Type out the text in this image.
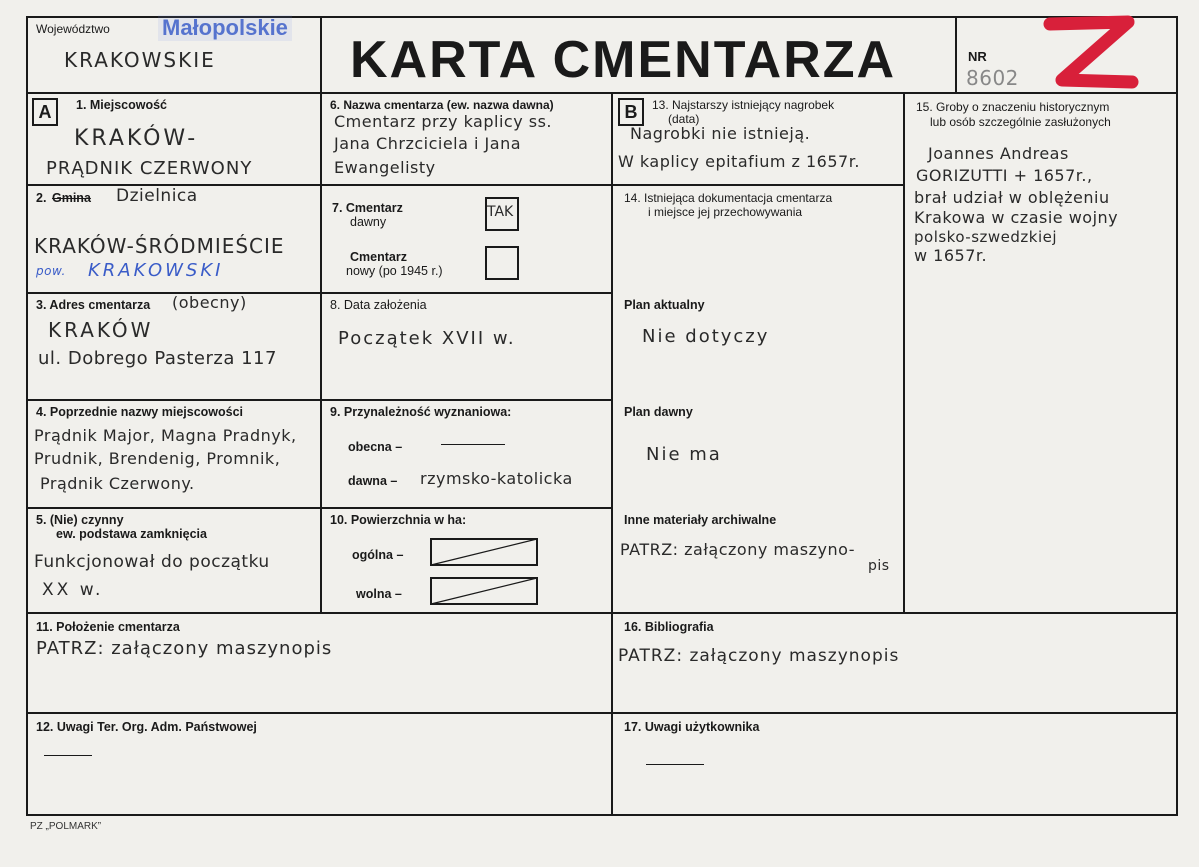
Województwo Małopolskie
KRAKOWSKIE	KARTA CMENTARZA	NR
8602
A	B
1. Miejscowość
KRAKÓW-
PRĄDNIK CZERWONY
2. Gmina Dzielnica
KRAKÓW-ŚRÓDMIEŚCIE
pow. KRAKOWSKI
3. Adres cmentarza (obecny)
KRAKÓW
ul. Dobrego Pasterza 117
4. Poprzednie nazwy miejscowości
Prądnik Major, Magna Pradnyk,
Prudnik, Brendenig, Promnik,
Prądnik Czerwony.
5. (Nie) czynny
ew. podstawa zamknięcia
Funkcjonował do początku
XX w.
6. Nazwa cmentarza (ew. nazwa dawna)
Cmentarz przy kaplicy ss.
Jana Chrzciciela i Jana
Ewangelisty
7. Cmentarz
dawny
TAK
Cmentarz
nowy (po 1945 r.)
8. Data założenia
Początek XVII w.
9. Przynależność wyznaniowa:
obecna –
dawna – rzymsko-katolicka
10. Powierzchnia w ha:
ogólna –
wolna –
13. Najstarszy istniejący nagrobek
(data)
Nagrobki nie istnieją.
W kaplicy epitafium z 1657r.
14. Istniejąca dokumentacja cmentarza
i miejsce jej przechowywania
Plan aktualny
Nie dotyczy
Plan dawny
Nie ma
Inne materiały archiwalne
PATRZ: załączony maszyno-
pis
15. Groby o znaczeniu historycznym
lub osób szczególnie zasłużonych
Joannes Andreas
GORIZUTTI + 1657r.,
brał udział w oblężeniu
Krakowa w czasie wojny
polsko-szwedzkiej
w 1657r.
11. Położenie cmentarza
PATRZ: załączony maszynopis
16. Bibliografia
PATRZ: załączony maszynopis
12. Uwagi Ter. Org. Adm. Państwowej	17. Uwagi użytkownika
PZ „POLMARK”
